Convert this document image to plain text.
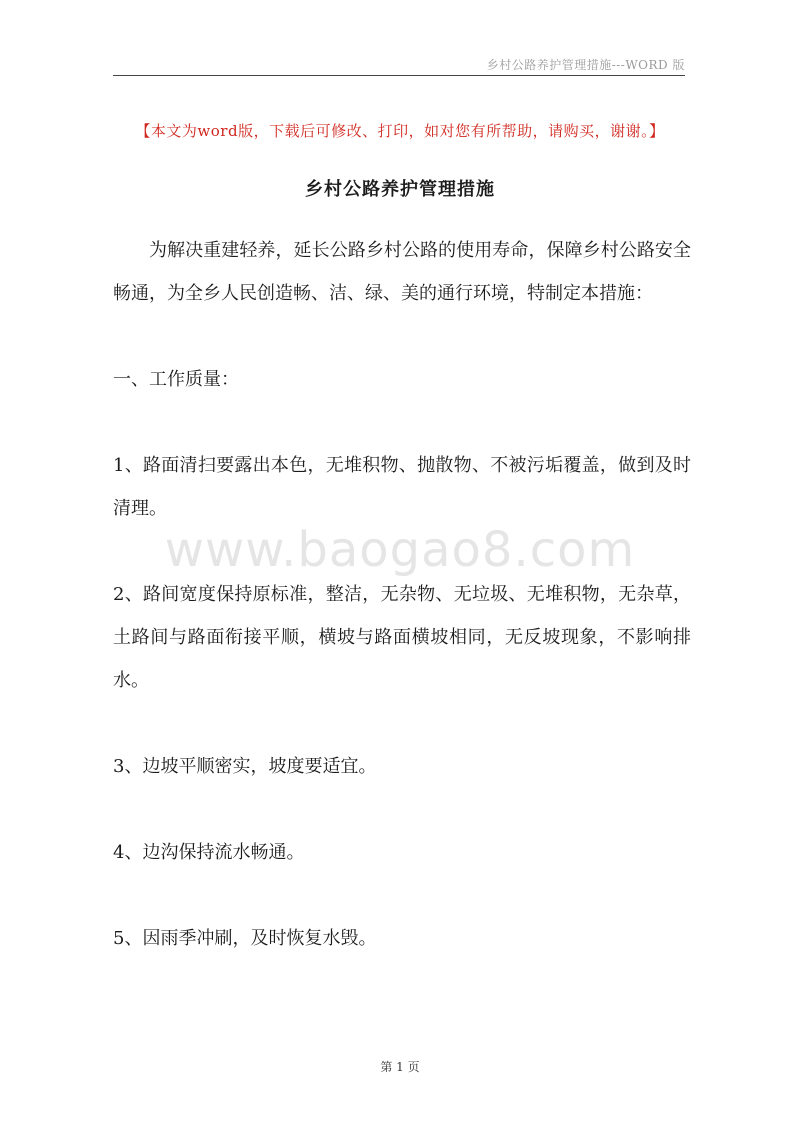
乡村公路养护管理措施---WORD 版
【本文为word版，下载后可修改、打印，如对您有所帮助，请购买，谢谢。】
乡村公路养护管理措施

为解决重建轻养，延长公路乡村公路的使用寿命，保障乡村公路安全畅通，为全乡人民创造畅、洁、绿、美的通行环境，特制定本措施：

一、工作质量：

1、路面清扫要露出本色，无堆积物、抛散物、不被污垢覆盖，做到及时清理。

2、路间宽度保持原标准，整洁，无杂物、无垃圾、无堆积物，无杂草，土路间与路面衔接平顺，横坡与路面横坡相同，无反坡现象，不影响排水。

3、边坡平顺密实，坡度要适宜。

4、边沟保持流水畅通。

5、因雨季冲刷，及时恢复水毁。

www.baogao8.com
第 1 页
